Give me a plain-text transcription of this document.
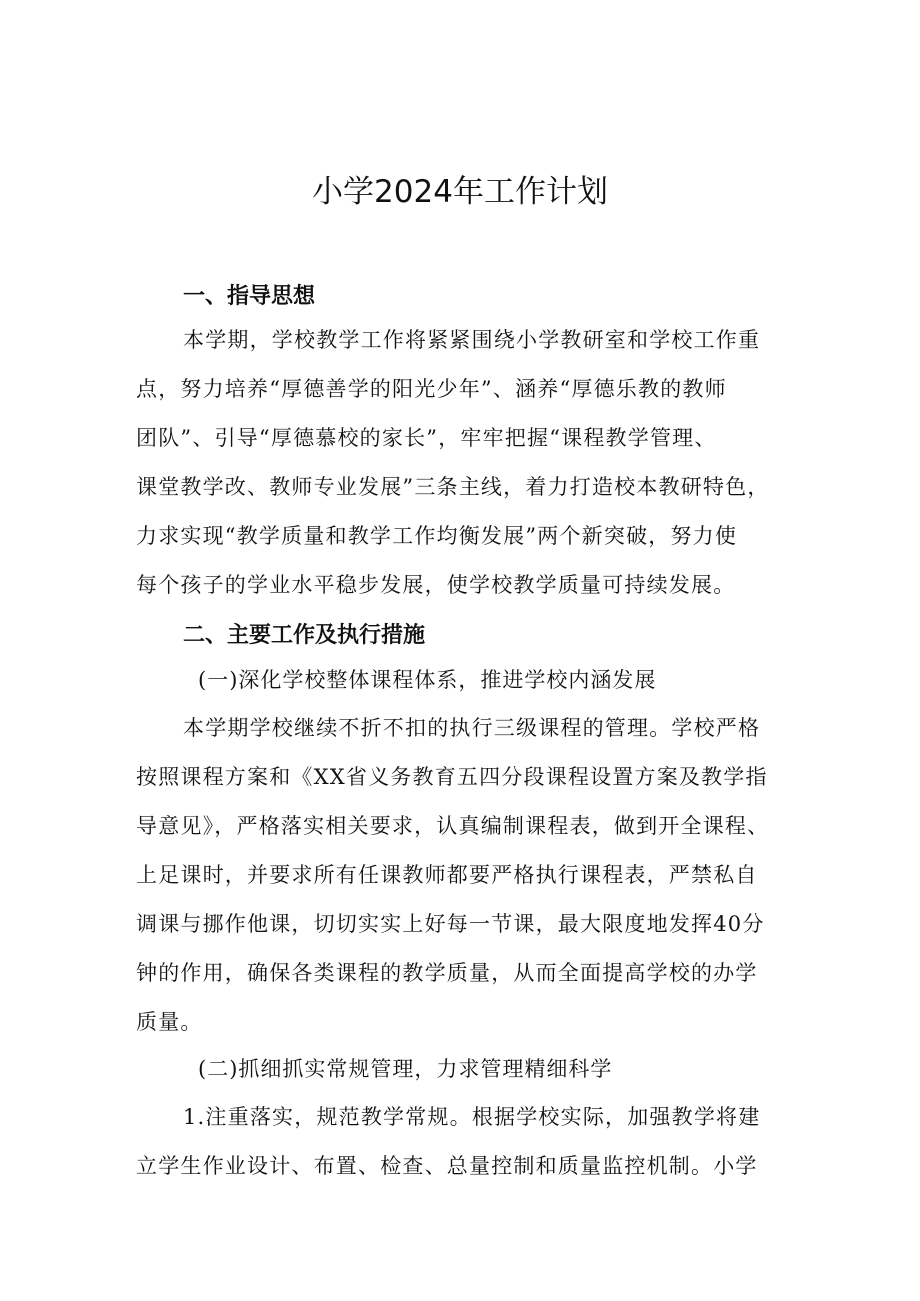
小学2024年工作计划
一、指导思想
本学期，学校教学工作将紧紧围绕小学教研室和学校工作重
点，努力培养“厚德善学的阳光少年”、涵养“厚德乐教的教师
团队”、引导“厚德慕校的家长”，牢牢把握“课程教学管理、
课堂教学改、教师专业发展”三条主线，着力打造校本教研特色，
力求实现“教学质量和教学工作均衡发展”两个新突破，努力使
每个孩子的学业水平稳步发展，使学校教学质量可持续发展。
二、主要工作及执行措施
(一)深化学校整体课程体系，推进学校内涵发展
本学期学校继续不折不扣的执行三级课程的管理。学校严格
按照课程方案和《XX省义务教育五四分段课程设置方案及教学指
导意见》，严格落实相关要求，认真编制课程表，做到开全课程、
上足课时，并要求所有任课教师都要严格执行课程表，严禁私自
调课与挪作他课，切切实实上好每一节课，最大限度地发挥40分
钟的作用，确保各类课程的教学质量，从而全面提高学校的办学
质量。
(二)抓细抓实常规管理，力求管理精细科学
1.注重落实，规范教学常规。根据学校实际，加强教学将建
立学生作业设计、布置、检查、总量控制和质量监控机制。小学
